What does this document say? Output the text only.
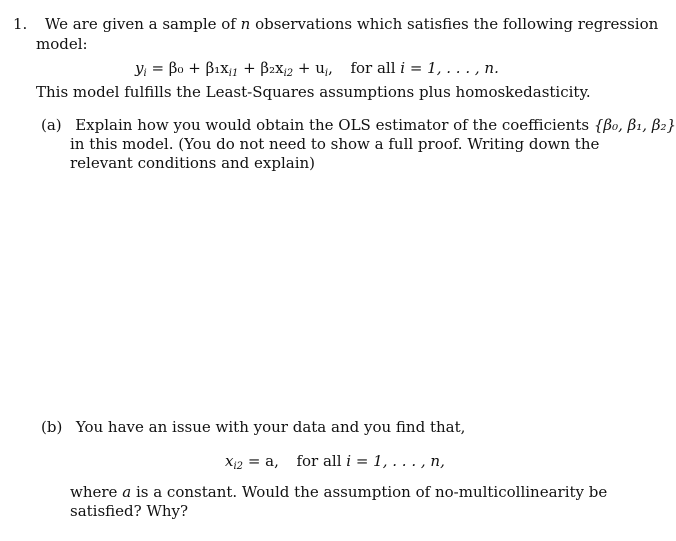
1. We are given a sample of n observations which satisfies the following regression
model:
$y_i = \beta_0 + \beta_1x_{i1} + \beta_2x_{i2} + u_i$, for all i = 1, . . . , n.
This model fulfills the Least-Squares assumptions plus homoskedasticity.
(a) Explain how you would obtain the OLS estimator of the coefficients {β₀, β₁, β₂}
in this model. (You do not need to show a full proof. Writing down the
relevant conditions and explain)
(b) You have an issue with your data and you find that,
$x_{i2} = a$, for all i = 1, . . . , n,
where a is a constant. Would the assumption of no-multicollinearity be
satisfied? Why?
